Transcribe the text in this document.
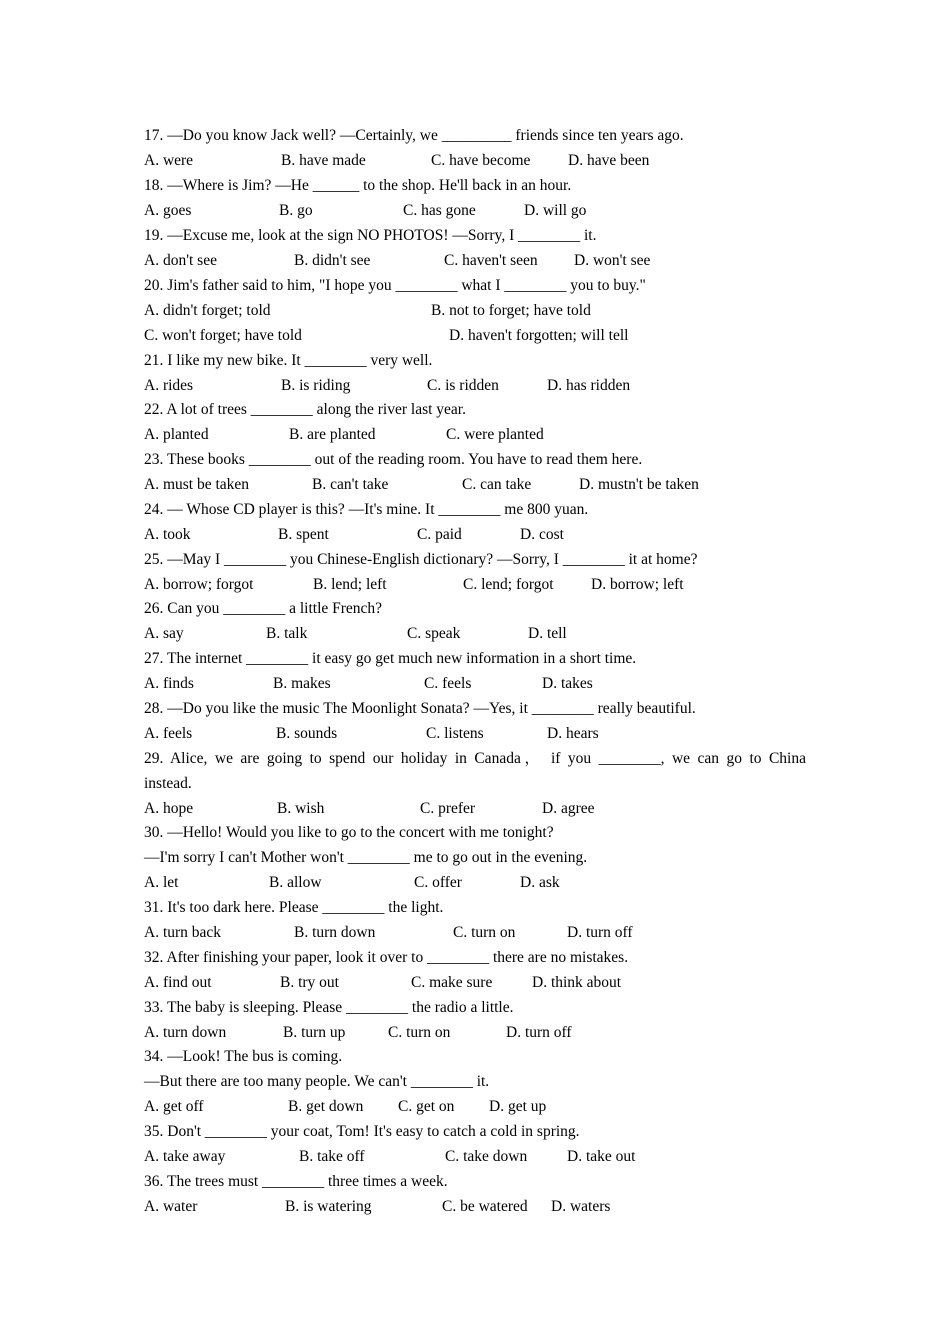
17. —Do you know Jack well? —Certainly, we _________ friends since ten years ago.
A. were	B. have made	C. have become D. have been
18. —Where is Jim? —He ______ to the shop. He'll back in an hour.
A. goes	B. go	C. has gone	D. will go
19. —Excuse me, look at the sign NO PHOTOS! —Sorry, I ________ it.
A. don't see	B. didn't see	C. haven't seen D. won't see
20. Jim's father said to him, "I hope you ________ what I ________ you to buy."
A. didn't forget; told	B. not to forget; have told
C. won't forget; have told	D. haven't forgotten; will tell
21. I like my new bike. It ________ very well.
A. rides	B. is riding	C. is ridden	D. has ridden
22. A lot of trees ________ along the river last year.
A. planted	B. are planted	C. were planted
23. These books ________ out of the reading room. You have to read them here.
A. must be taken	B. can't take	C. can take	D. mustn't be taken
24. — Whose CD player is this? —It's mine. It ________ me 800 yuan.
A. took	B. spent	C. paid	D. cost
25. —May I ________ you Chinese-English dictionary? —Sorry, I ________ it at home?
A. borrow; forgot	B. lend; left	C. lend; forgot D. borrow; left
26. Can you ________ a little French?
A. say	B. talk	C. speak	D. tell
27. The internet ________ it easy go get much new information in a short time.
A. finds	B. makes	C. feels	D. takes
28. —Do you like the music The Moonlight Sonata? —Yes, it ________ really beautiful.
A. feels	B. sounds	C. listens	D. hears
29. Alice, we are going to spend our holiday in Canada， if you ________, we can go to China
instead.
A. hope	B. wish	C. prefer	D. agree
30. —Hello! Would you like to go to the concert with me tonight?
—I'm sorry I can't Mother won't ________ me to go out in the evening.
A. let	B. allow	C. offer	D. ask
31. It's too dark here. Please ________ the light.
A. turn back	B. turn down	C. turn on	D. turn off
32. After finishing your paper, look it over to ________ there are no mistakes.
A. find out	B. try out	C. make sure	D. think about
33. The baby is sleeping. Please ________ the radio a little.
A. turn down	B. turn up	C. turn on	D. turn off
34. —Look! The bus is coming.
—But there are too many people. We can't ________ it.
A. get off	B. get down C. get on D. get up
35. Don't ________ your coat, Tom! It's easy to catch a cold in spring.
A. take away	B. take off	C. take down	D. take out
36. The trees must ________ three times a week.
A. water	B. is watering	C. be watered D. waters
